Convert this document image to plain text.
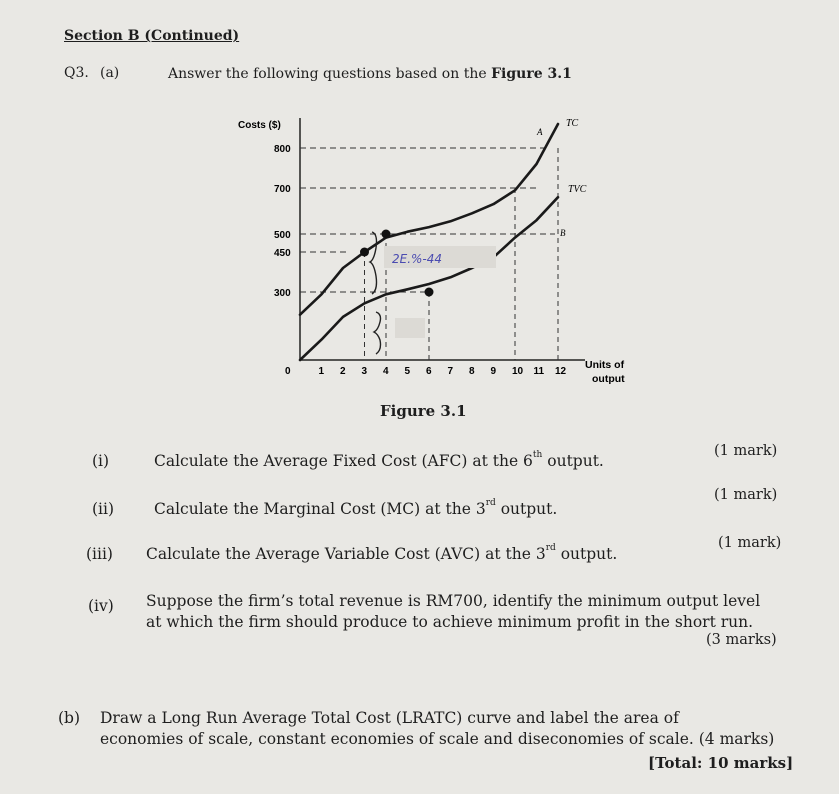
Section B (Continued)
Q3. (a)	Answer the following questions based on the Figure 3.1
800
700
500
450
300
0	1 2 3 4 5 6 7 8 9 10 11 12
Costs ($)
Units of
output
TC
TVC
A
B
2E.%-44
Figure 3.1
(i)	Calculate the Average Fixed Cost (AFC) at the 6th output.
(1 mark)
(ii)	Calculate the Marginal Cost (MC) at the 3rd output.
(1 mark)
(iii) Calculate the Average Variable Cost (AVC) at the 3rd output.
(1 mark)
(iv) Suppose the firm’s total revenue is RM700, identify the minimum output level
at which the firm should produce to achieve minimum profit in the short run.
(3 marks)
(b) Draw a Long Run Average Total Cost (LRATC) curve and label the area of
economies of scale, constant economies of scale and diseconomies of scale. (4 marks)
[Total: 10 marks]
